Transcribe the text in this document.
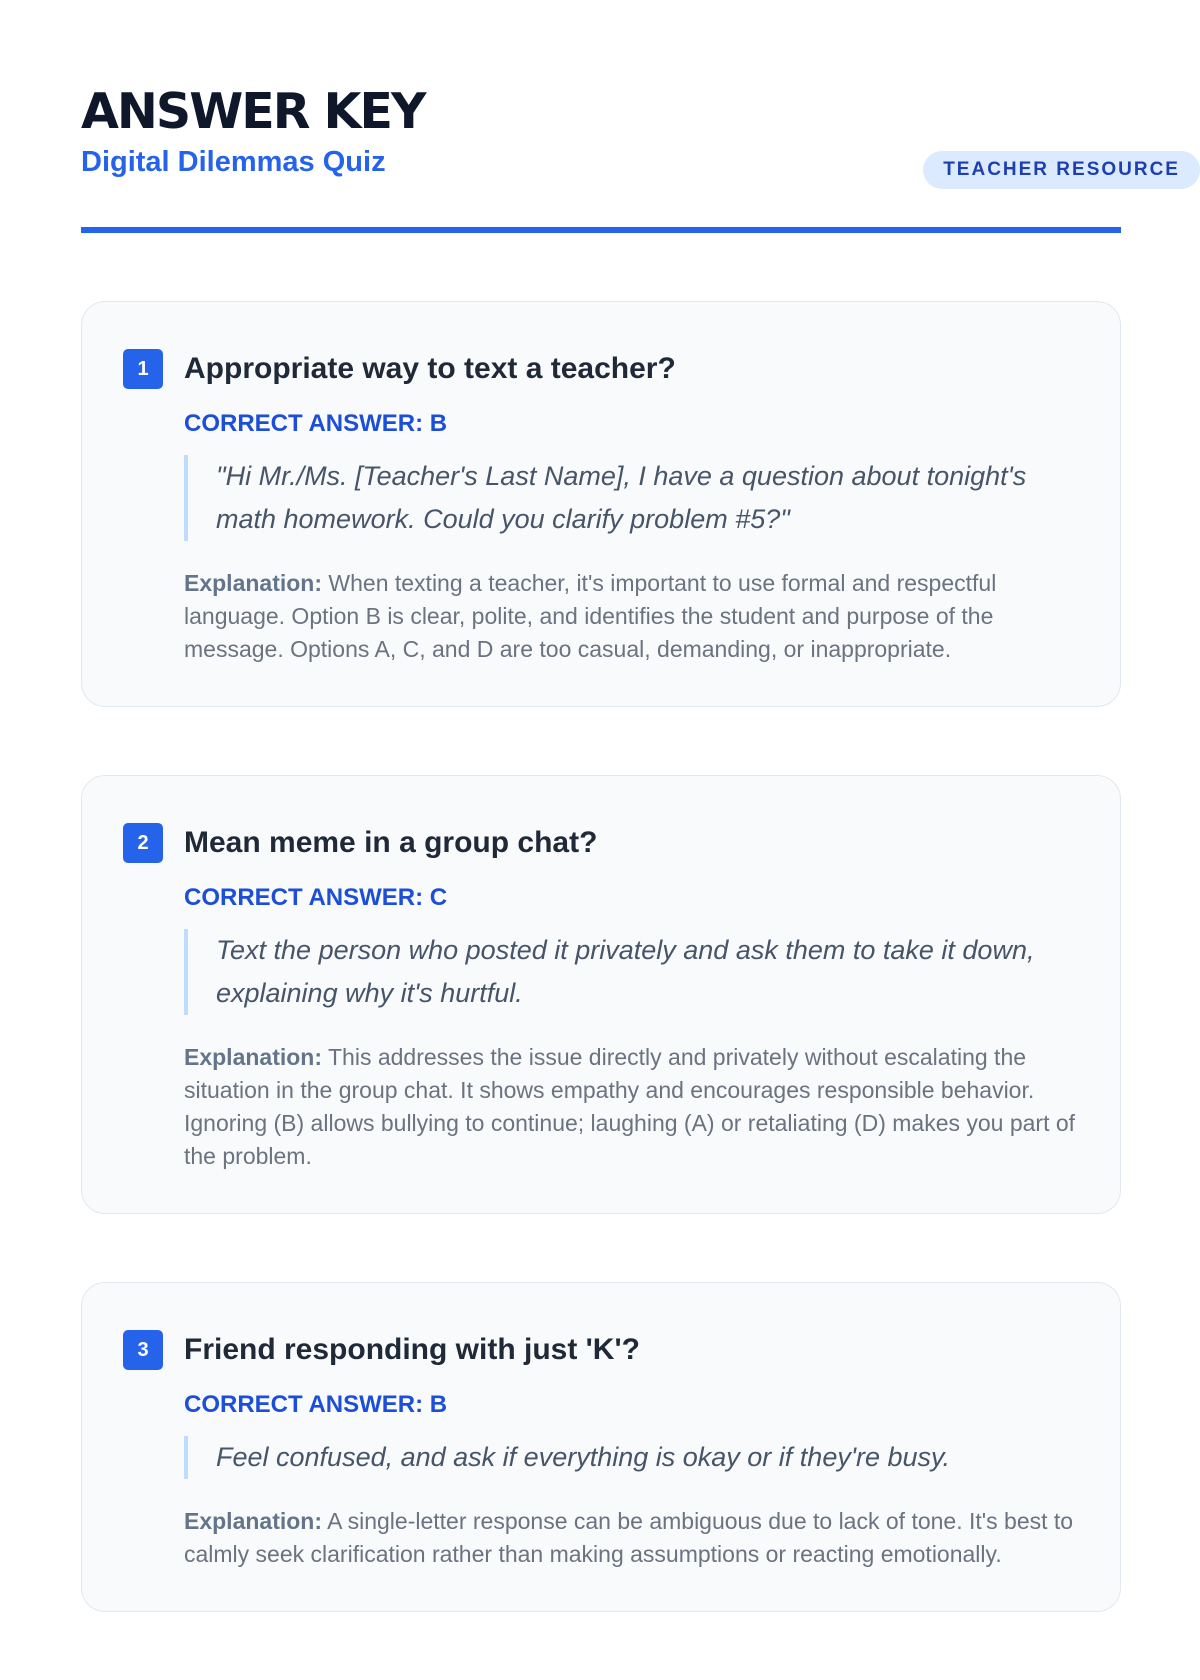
ANSWER KEY
Digital Dilemmas Quiz	TEACHER RESOURCE
1	Appropriate way to text a teacher?
CORRECT ANSWER: B
"Hi Mr./Ms. [Teacher's Last Name], I have a question about tonight's math homework. Could you clarify problem #5?"
Explanation: When texting a teacher, it's important to use formal and respectful language. Option B is clear, polite, and identifies the student and purpose of the message. Options A, C, and D are too casual, demanding, or inappropriate.
2	Mean meme in a group chat?
CORRECT ANSWER: C
Text the person who posted it privately and ask them to take it down, explaining why it's hurtful.
Explanation: This addresses the issue directly and privately without escalating the situation in the group chat. It shows empathy and encourages responsible behavior. Ignoring (B) allows bullying to continue; laughing (A) or retaliating (D) makes you part of the problem.
3	Friend responding with just 'K'?
CORRECT ANSWER: B
Feel confused, and ask if everything is okay or if they're busy.
Explanation: A single-letter response can be ambiguous due to lack of tone. It's best to calmly seek clarification rather than making assumptions or reacting emotionally.
